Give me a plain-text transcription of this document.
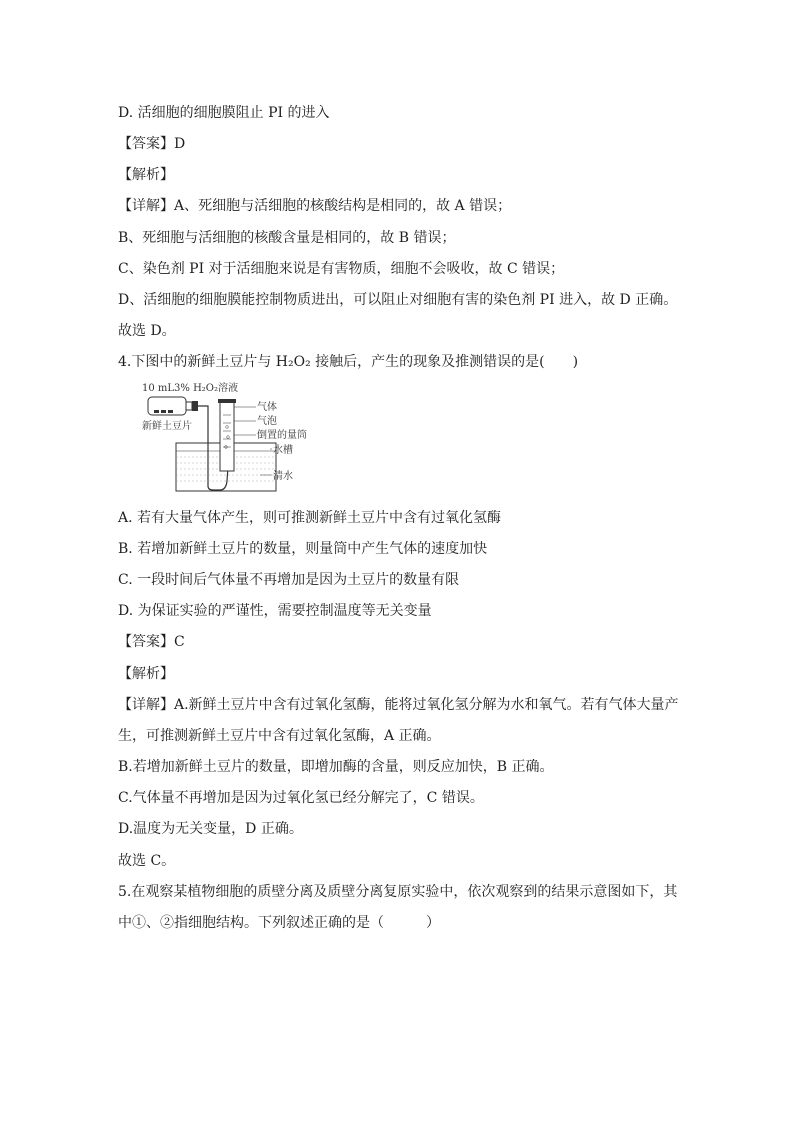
D. 活细胞的细胞膜阻止 PI 的进入
【答案】D
【解析】
【详解】A、死细胞与活细胞的核酸结构是相同的，故 A 错误；
B、死细胞与活细胞的核酸含量是相同的，故 B 错误；
C、染色剂 PI 对于活细胞来说是有害物质，细胞不会吸收，故 C 错误；
D、活细胞的细胞膜能控制物质进出，可以阻止对细胞有害的染色剂 PI 进入，故 D 正确。
故选 D。
4.下图中的新鲜土豆片与 H₂O₂ 接触后，产生的现象及推测错误的是(　　)
10 mL3% H₂O₂溶液
新鲜土豆片
气体
气泡
倒置的量筒
水槽
清水
A. 若有大量气体产生，则可推测新鲜土豆片中含有过氧化氢酶
B. 若增加新鲜土豆片的数量，则量筒中产生气体的速度加快
C. 一段时间后气体量不再增加是因为土豆片的数量有限
D. 为保证实验的严谨性，需要控制温度等无关变量
【答案】C
【解析】
【详解】A.新鲜土豆片中含有过氧化氢酶，能将过氧化氢分解为水和氧气。若有气体大量产
生，可推测新鲜土豆片中含有过氧化氢酶，A 正确。
B.若增加新鲜土豆片的数量，即增加酶的含量，则反应加快，B 正确。
C.气体量不再增加是因为过氧化氢已经分解完了，C 错误。
D.温度为无关变量，D 正确。
故选 C。
5.在观察某植物细胞的质壁分离及质壁分离复原实验中，依次观察到的结果示意图如下，其
中①、②指细胞结构。下列叙述正确的是（　　　）
